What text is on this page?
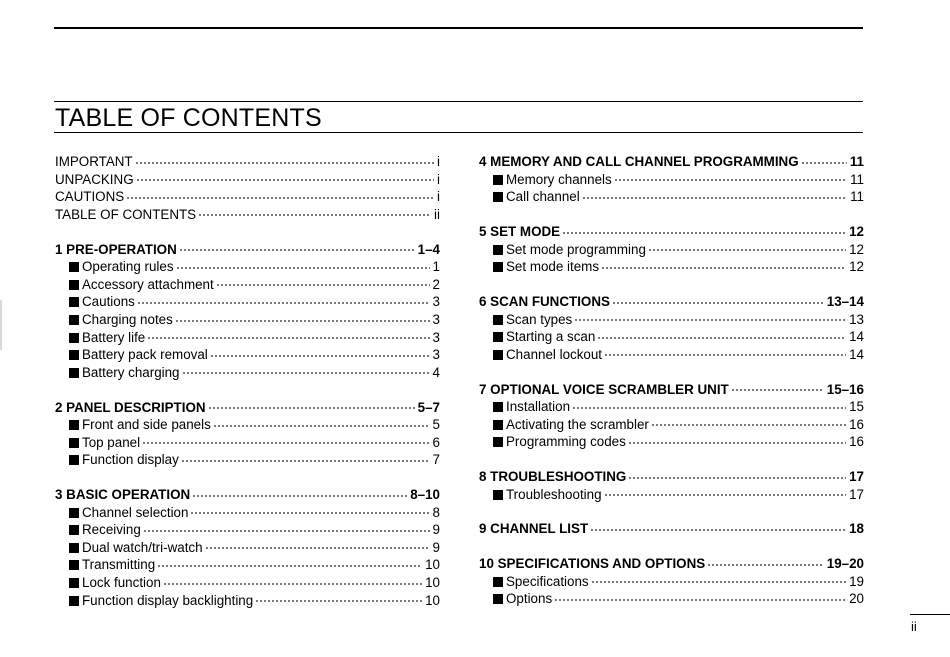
TABLE OF CONTENTS
IMPORTANT	i
UNPACKING	i
CAUTIONS	i
TABLE OF CONTENTS	ii
1 PRE-OPERATION	1–4
Operating rules	1
Accessory attachment	2
Cautions	3
Charging notes	3
Battery life	3
Battery pack removal	3
Battery charging	4
2 PANEL DESCRIPTION	5–7
Front and side panels	5
Top panel	6
Function display	7
3 BASIC OPERATION	8–10
Channel selection	8
Receiving	9
Dual watch/tri-watch	9
Transmitting	10
Lock function	10
Function display backlighting	10
4 MEMORY AND CALL CHANNEL PROGRAMMING	11
Memory channels	11
Call channel	11
5 SET MODE	12
Set mode programming	12
Set mode items	12
6 SCAN FUNCTIONS	13–14
Scan types	13
Starting a scan	14
Channel lockout	14
7 OPTIONAL VOICE SCRAMBLER UNIT	15–16
Installation	15
Activating the scrambler	16
Programming codes	16
8 TROUBLESHOOTING	17
Troubleshooting	17
9 CHANNEL LIST	18
10 SPECIFICATIONS AND OPTIONS	19–20
Specifications	19
Options	20
ii
